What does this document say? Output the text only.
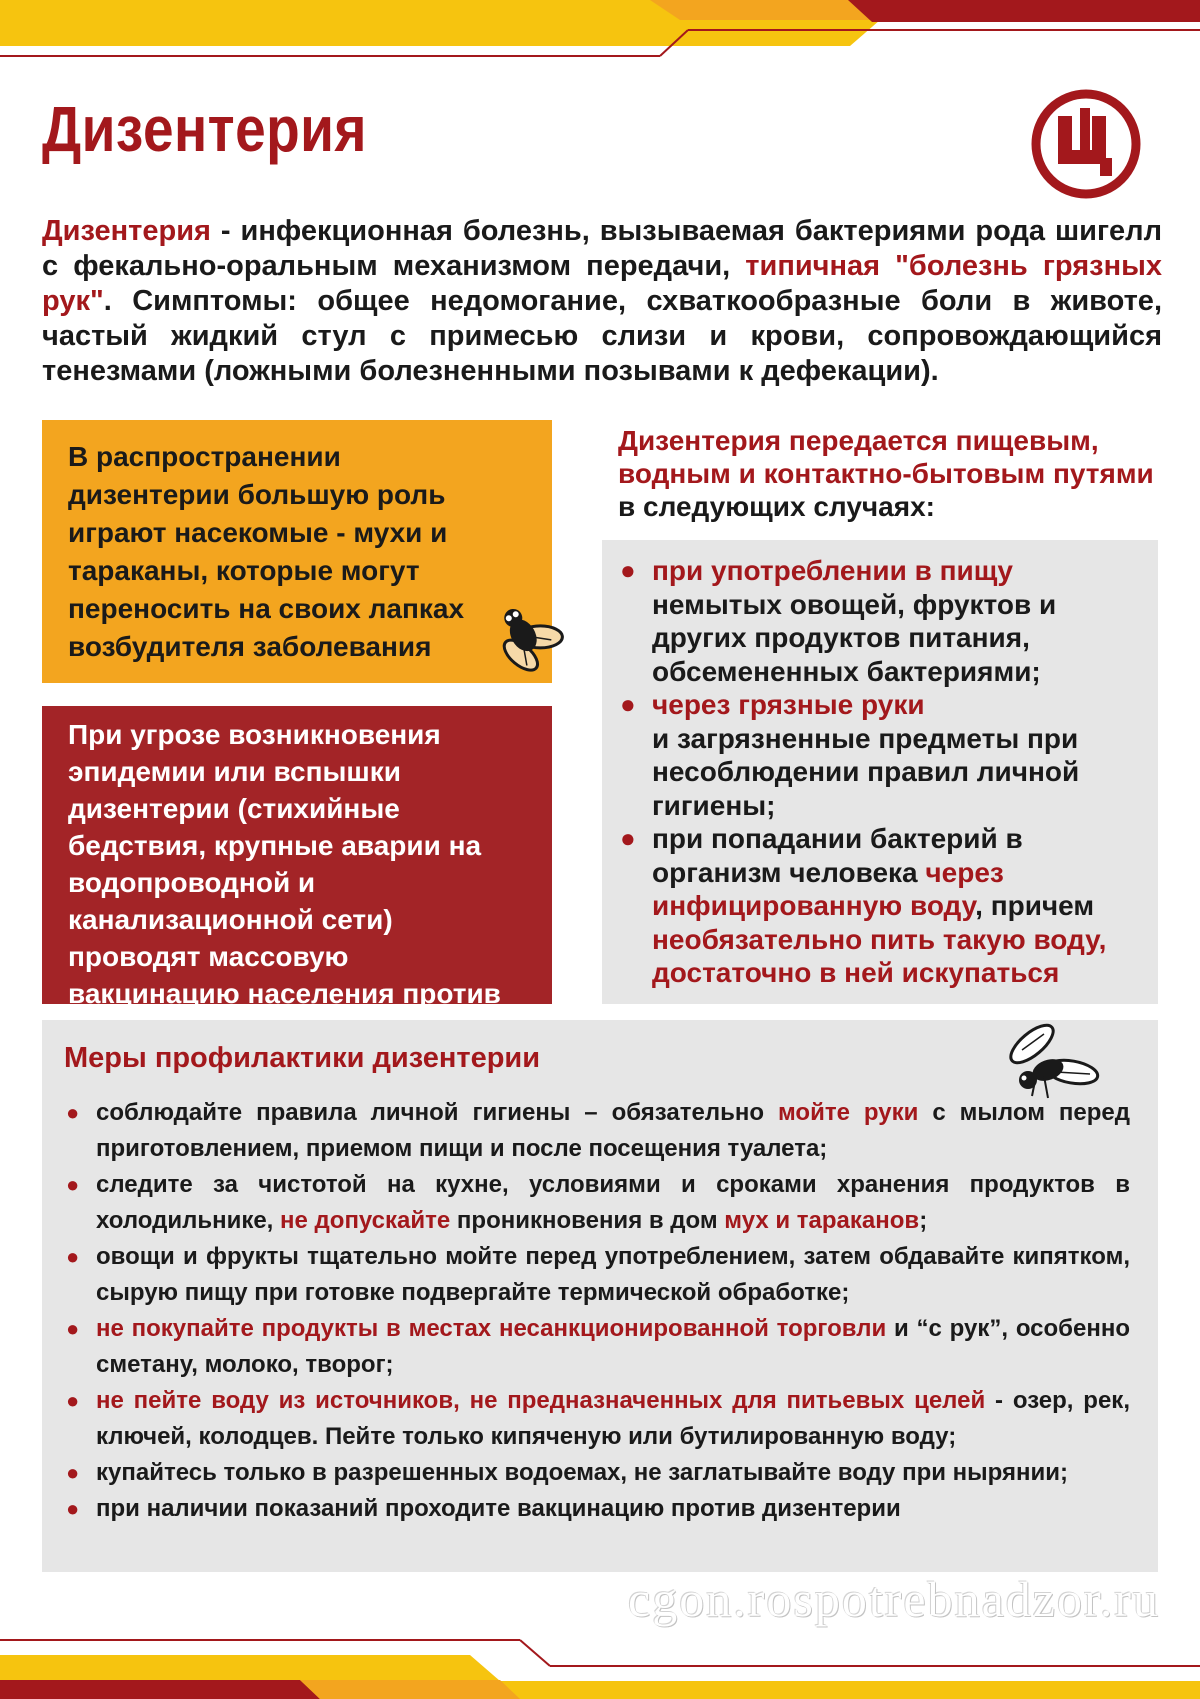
Дизентерия

Дизентерия - инфекционная болезнь, вызываемая бактериями рода шигелл с фекально-оральным механизмом передачи, типичная "болезнь грязных рук". Симптомы: общее недомогание, схваткообразные боли в животе, частый жидкий стул с примесью слизи и крови, сопровождающийся тенезмами (ложными болезненными позывами к дефекации).

В распространении дизентерии большую роль играют насекомые - мухи и тараканы, которые могут переносить на своих лапках возбудителя заболевания

При угрозе возникновения эпидемии или вспышки дизентерии (стихийные бедствия, крупные аварии на водопроводной и канализационной сети) проводят массовую вакцинацию населения против

Дизентерия передается пищевым, водным и контактно-бытовым путями
в следующих случаях:

● при употреблении в пищу
немытых овощей, фруктов и других продуктов питания, обсемененных бактериями;
● через грязные руки
и загрязненные предметы при несоблюдении правил личной гигиены;
● при попадании бактерий в организм человека через инфицированную воду, причем необязательно пить такую воду, достаточно в ней искупаться
Меры профилактики дизентерии
● соблюдайте правила личной гигиены – обязательно мойте руки с мылом перед приготовлением, приемом пищи и после посещения туалета;
● следите за чистотой на кухне, условиями и сроками хранения продуктов в холодильнике, не допускайте проникновения в дом мух и тараканов;
● овощи и фрукты тщательно мойте перед употреблением, затем обдавайте кипятком, сырую пищу при готовке подвергайте термической обработке;
● не покупайте продукты в местах несанкционированной торговли и “с рук”, особенно сметану, молоко, творог;
● не пейте воду из источников, не предназначенных для питьевых целей - озер, рек, ключей, колодцев. Пейте только кипяченую или бутилированную воду;
● купайтесь только в разрешенных водоемах, не заглатывайте воду при нырянии;
● при наличии показаний проходите вакцинацию против дизентерии
cgon.rospotrebnadzor.ru
